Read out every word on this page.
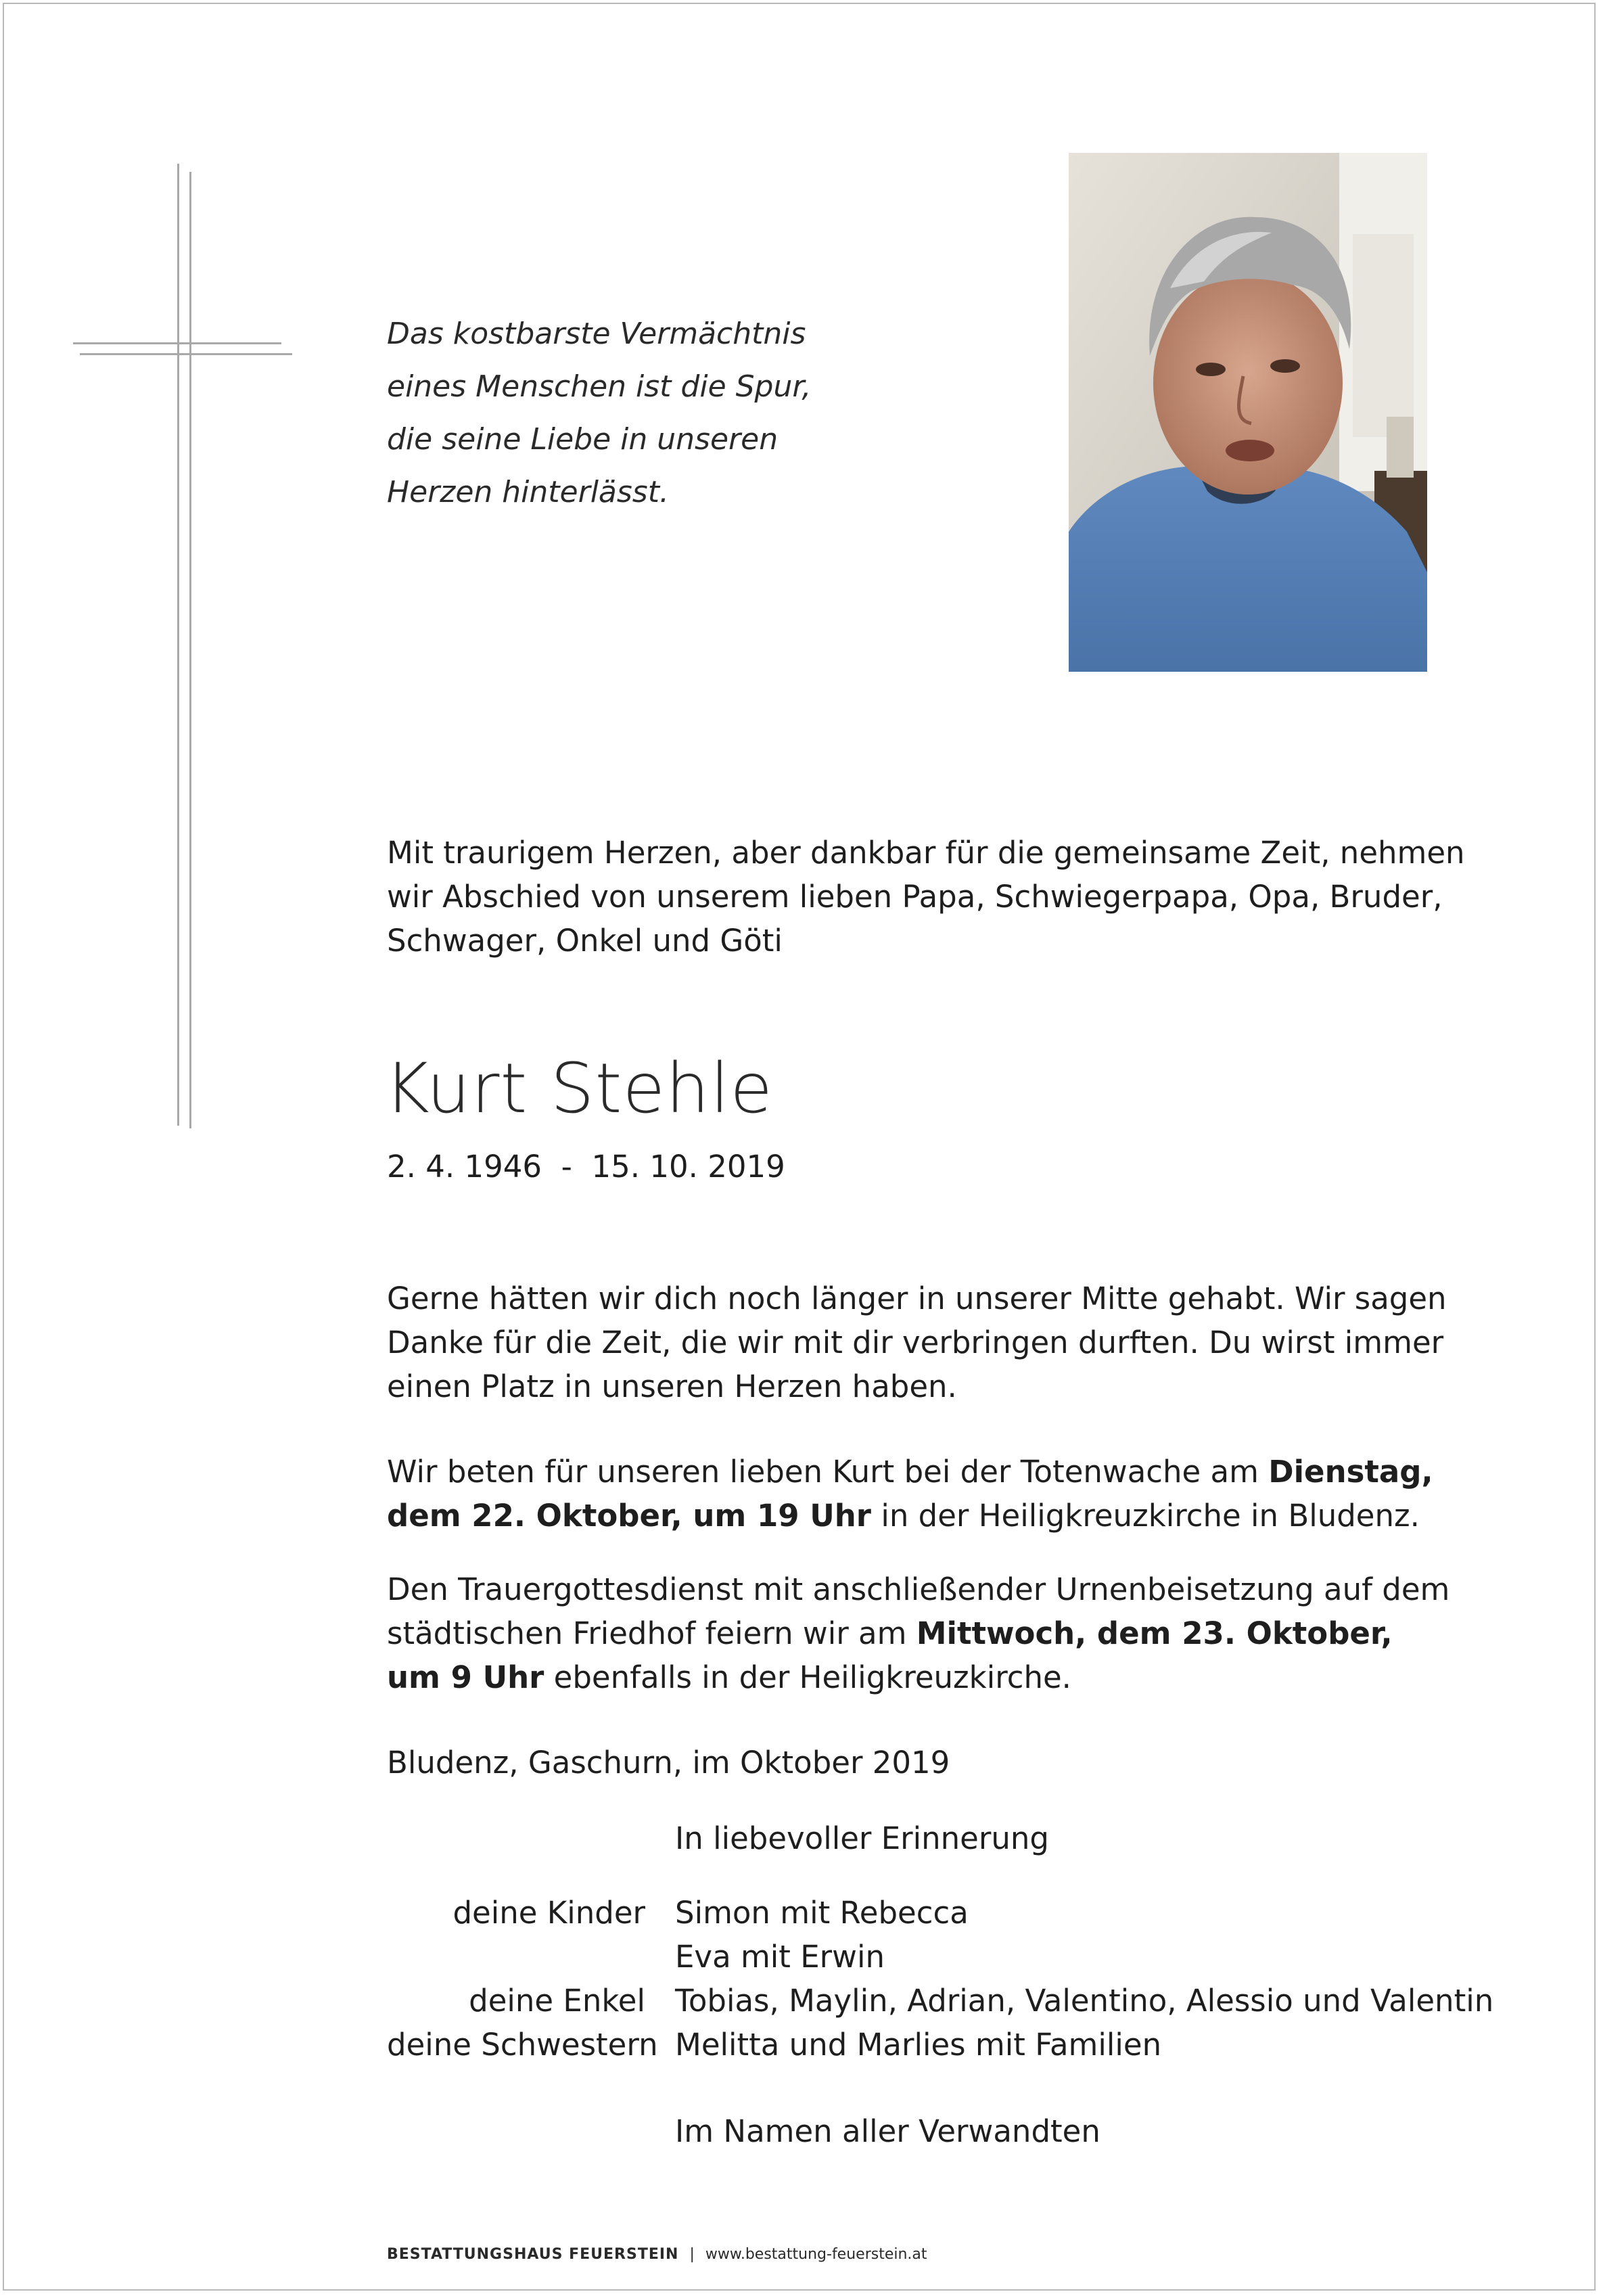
Das kostbarste Vermächtnis
eines Menschen ist die Spur,
die seine Liebe in unseren
Herzen hinterlässt.
Mit traurigem Herzen, aber dankbar für die gemeinsame Zeit, nehmen
wir Abschied von unserem lieben Papa, Schwiegerpapa, Opa, Bruder,
Schwager, Onkel und Göti
Kurt Stehle
2. 4. 1946  -  15. 10. 2019
Gerne hätten wir dich noch länger in unserer Mitte gehabt. Wir sagen
Danke für die Zeit, die wir mit dir verbringen durften. Du wirst immer
einen Platz in unseren Herzen haben.
Wir beten für unseren lieben Kurt bei der Totenwache am Dienstag,
dem 22. Oktober, um 19 Uhr in der Heiligkreuzkirche in Bludenz.
Den Trauergottesdienst mit anschließender Urnenbeisetzung auf dem
städtischen Friedhof feiern wir am Mittwoch, dem 23. Oktober,
um 9 Uhr ebenfalls in der Heiligkreuzkirche.
Bludenz, Gaschurn, im Oktober 2019
In liebevoller Erinnerung
deine Kinder Simon mit Rebecca
Eva mit Erwin
deine Enkel Tobias, Maylin, Adrian, Valentino, Alessio und Valentin
deine Schwestern Melitta und Marlies mit Familien
Im Namen aller Verwandten
BESTATTUNGSHAUS FEUERSTEIN | www.bestattung-feuerstein.at
